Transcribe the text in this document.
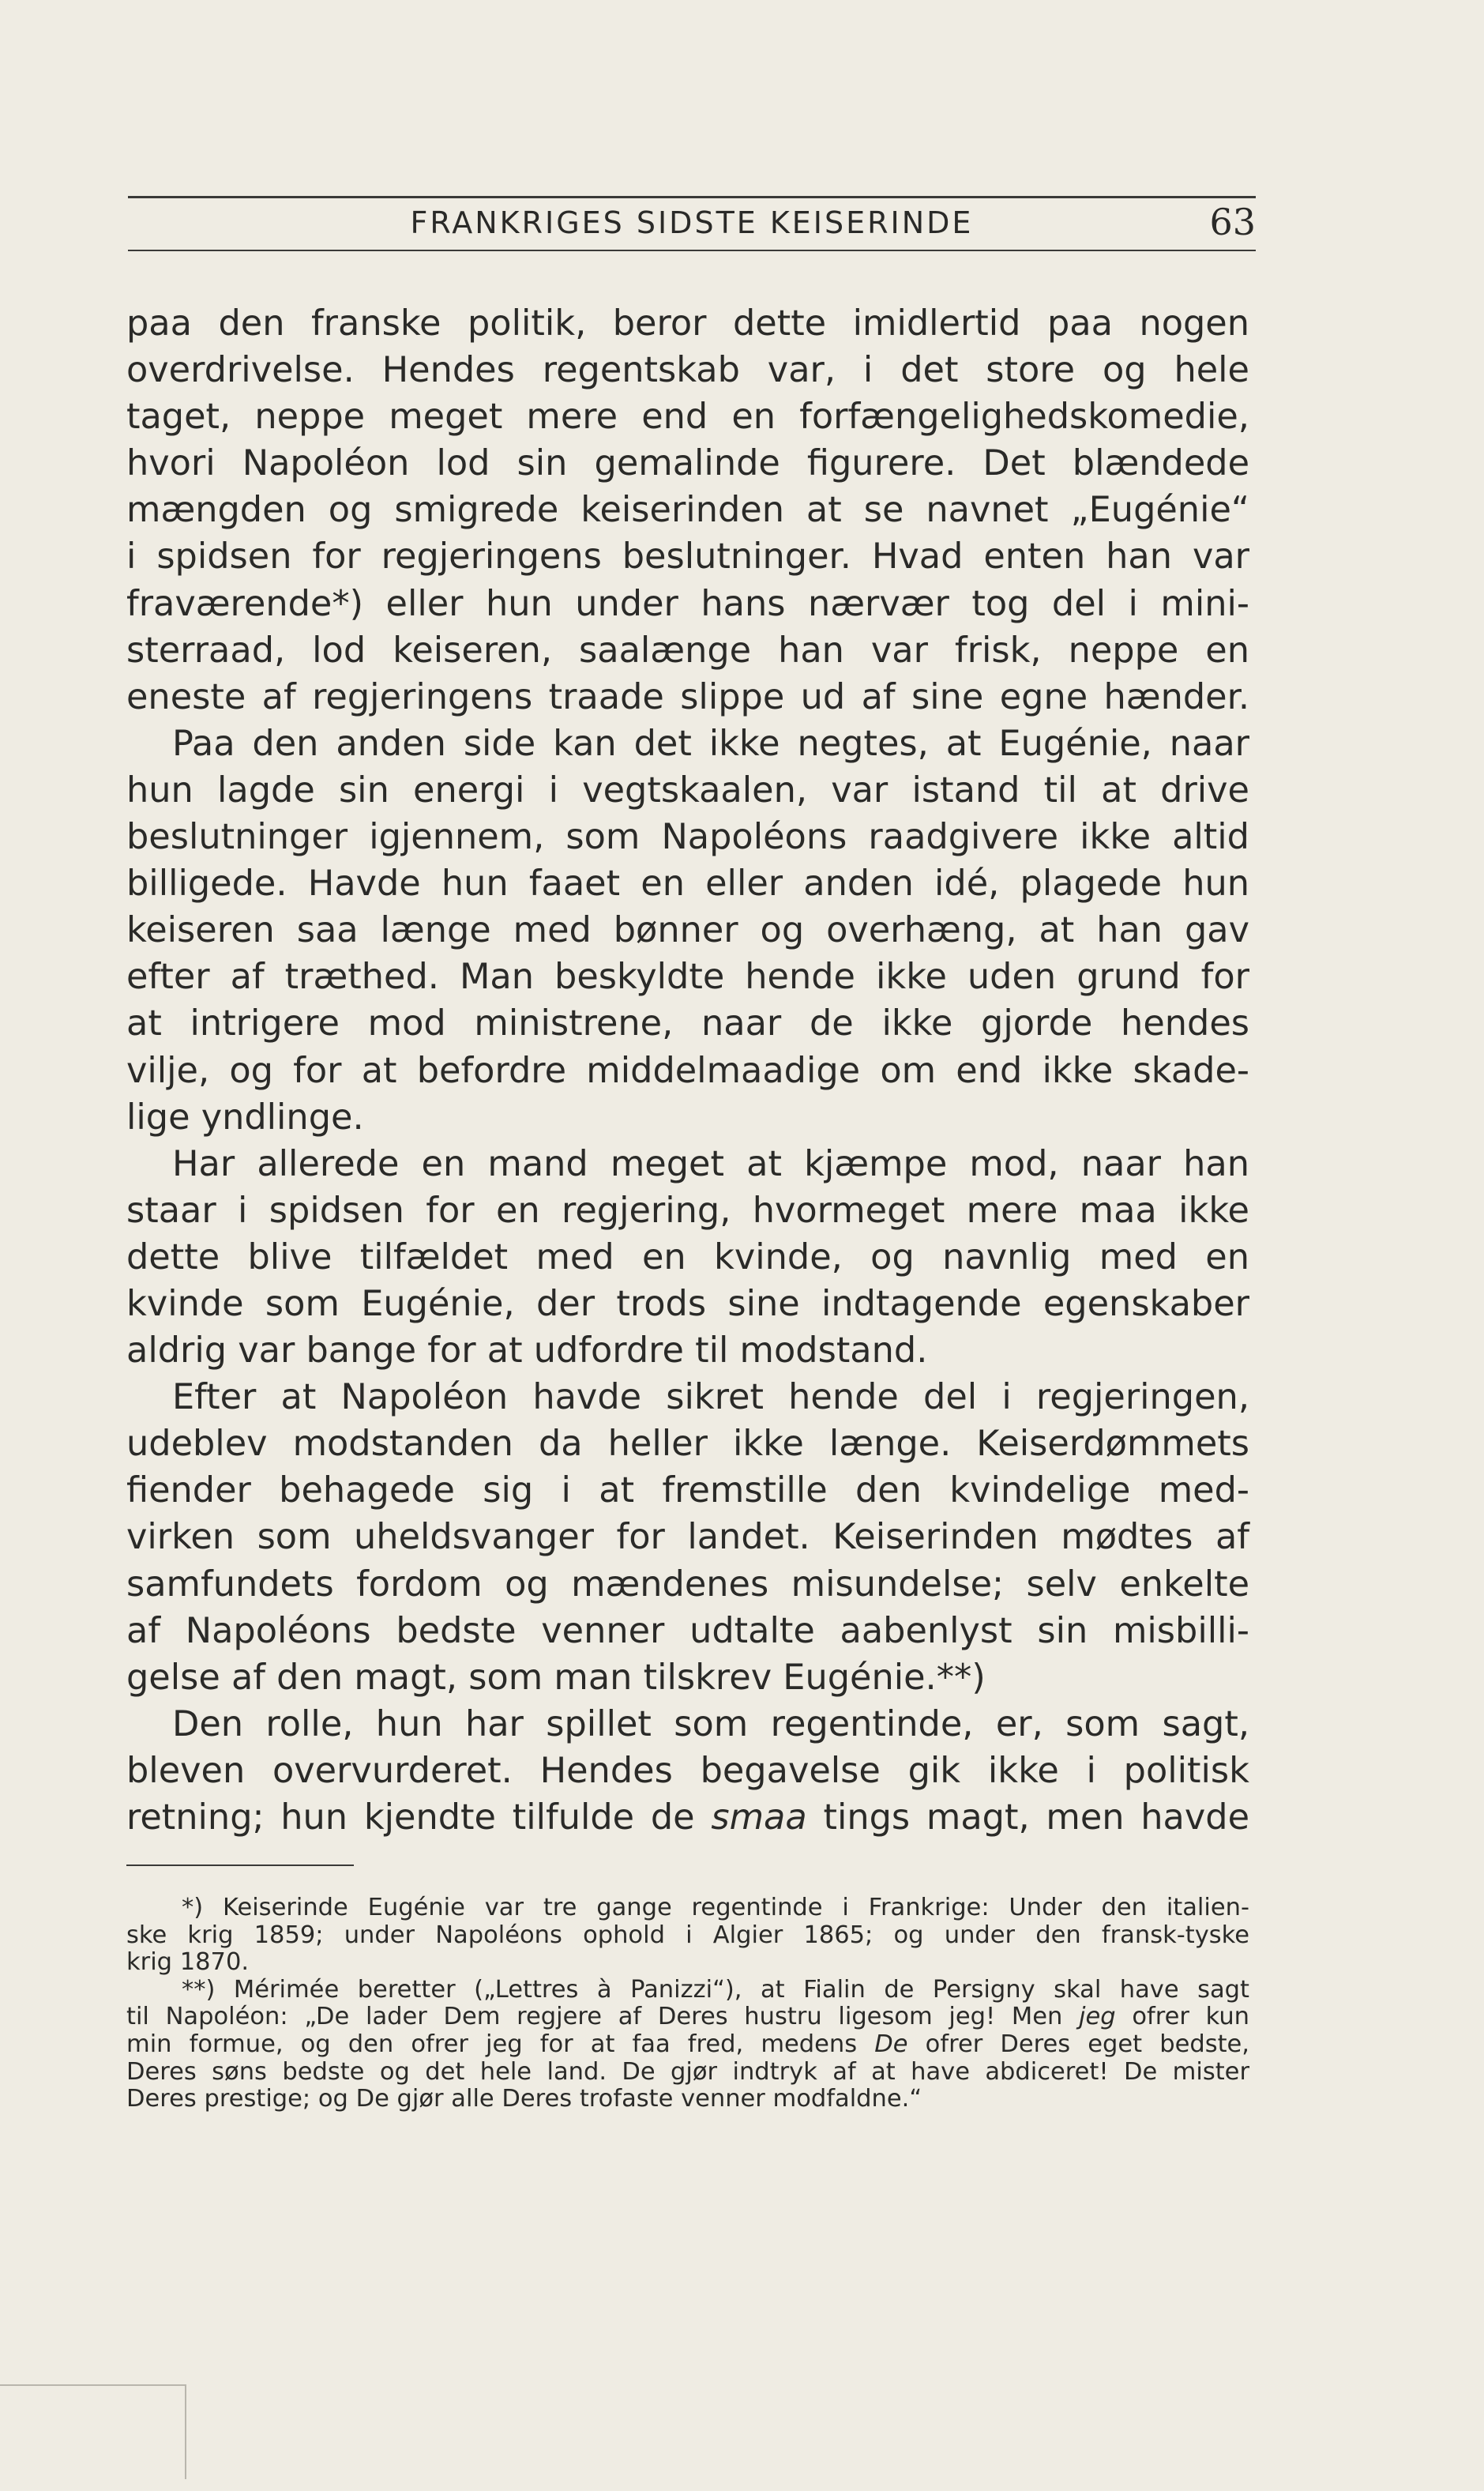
FRANKRIGES SIDSTE KEISERINDE	63
paa den franske politik, beror dette imidlertid paa nogen
overdrivelse. Hendes regentskab var, i det store og hele
taget, neppe meget mere end en forfængelighedskomedie,
hvori Napoléon lod sin gemalinde figurere. Det blændede
mængden og smigrede keiserinden at se navnet „Eugénie“
i spidsen for regjeringens beslutninger. Hvad enten han var
fraværende*) eller hun under hans nærvær tog del i mini-
sterraad, lod keiseren, saalænge han var frisk, neppe en
eneste af regjeringens traade slippe ud af sine egne hænder.
Paa den anden side kan det ikke negtes, at Eugénie, naar
hun lagde sin energi i vegtskaalen, var istand til at drive
beslutninger igjennem, som Napoléons raadgivere ikke altid
billigede. Havde hun faaet en eller anden idé, plagede hun
keiseren saa længe med bønner og overhæng, at han gav
efter af træthed. Man beskyldte hende ikke uden grund for
at intrigere mod ministrene, naar de ikke gjorde hendes
vilje, og for at befordre middelmaadige om end ikke skade-
lige yndlinge.
Har allerede en mand meget at kjæmpe mod, naar han
staar i spidsen for en regjering, hvormeget mere maa ikke
dette blive tilfældet med en kvinde, og navnlig med en
kvinde som Eugénie, der trods sine indtagende egenskaber
aldrig var bange for at udfordre til modstand.
Efter at Napoléon havde sikret hende del i regjeringen,
udeblev modstanden da heller ikke længe. Keiserdømmets
fiender behagede sig i at fremstille den kvindelige med-
virken som uheldsvanger for landet. Keiserinden mødtes af
samfundets fordom og mændenes misundelse; selv enkelte
af Napoléons bedste venner udtalte aabenlyst sin misbilli-
gelse af den magt, som man tilskrev Eugénie.**)
Den rolle, hun har spillet som regentinde, er, som sagt,
bleven overvurderet. Hendes begavelse gik ikke i politisk
retning; hun kjendte tilfulde de smaa tings magt, men havde
*) Keiserinde Eugénie var tre gange regentinde i Frankrige: Under den italien-
ske krig 1859; under Napoléons ophold i Algier 1865; og under den fransk-tyske
krig 1870.
**) Mérimée beretter („Lettres à Panizzi“), at Fialin de Persigny skal have sagt
til Napoléon: „De lader Dem regjere af Deres hustru ligesom jeg! Men jeg ofrer kun
min formue, og den ofrer jeg for at faa fred, medens De ofrer Deres eget bedste,
Deres søns bedste og det hele land. De gjør indtryk af at have abdiceret! De mister
Deres prestige; og De gjør alle Deres trofaste venner modfaldne.“
